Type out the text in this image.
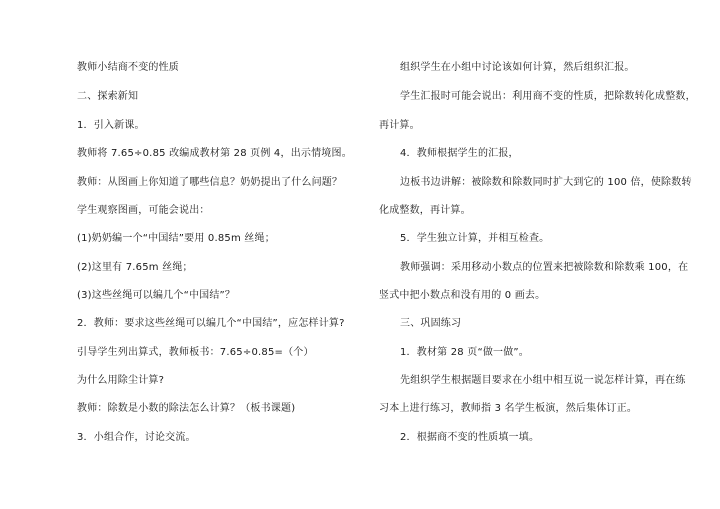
教师小结商不变的性质
二、探索新知
1．引入新课。
教师将 7.65÷0.85 改编成教材第 28 页例 4，出示情境图。
教师：从图画上你知道了哪些信息？奶奶提出了什么问题？
学生观察图画，可能会说出：
(1)奶奶编一个“中国结”要用 0.85m 丝绳；
(2)这里有 7.65m 丝绳；
(3)这些丝绳可以编几个“中国结”？
2．教师：要求这些丝绳可以编几个“中国结”，应怎样计算?
引导学生列出算式，教师板书：7.65÷0.85=（个）
为什么用除尘计算?
教师：除数是小数的除法怎么计算？（板书课题)
3．小组合作，讨论交流。
组织学生在小组中讨论该如何计算，然后组织汇报。
学生汇报时可能会说出：利用商不变的性质，把除数转化成整数，
再计算。
4．教师根据学生的汇报，
边板书边讲解：被除数和除数同时扩大到它的 100 倍，使除数转
化成整数，再计算。
5．学生独立计算，并相互检查。
教师强调：采用移动小数点的位置来把被除数和除数乘 100，在
竖式中把小数点和没有用的 0 画去。
三、巩固练习
1．教材第 28 页“做一做”。
先组织学生根据题目要求在小组中相互说一说怎样计算，再在练
习本上进行练习，教师指 3 名学生板演，然后集体订正。
2．根据商不变的性质填一填。
